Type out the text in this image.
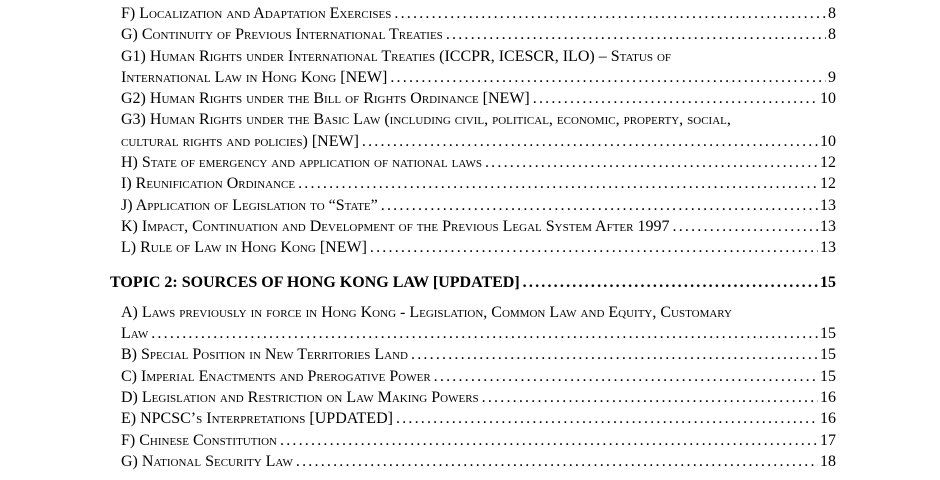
F) Localization and Adaptation Exercises .....	8

G) Continuity of Previous International Treaties .....	8

G1) Human Rights under International Treaties (ICCPR, ICESCR, ILO) – Status of

International Law in Hong Kong [NEW] .....	9

G2) Human Rights under the Bill of Rights Ordinance [NEW] .....	10

G3) Human Rights under the Basic Law (including civil, political, economic, property, social,

cultural rights and policies) [NEW] .....	10

H) State of emergency and application of national laws .....	12

I) Reunification Ordinance .....	12

J) Application of Legislation to “State” .....	13

K) Impact, Continuation and Development of the Previous Legal System After 1997 .....	13

L) Rule of Law in Hong Kong [NEW] .....	13

TOPIC 2: SOURCES OF HONG KONG LAW [UPDATED] .....	15

A) Laws previously in force in Hong Kong - Legislation, Common Law and Equity, Customary

Law .....	15

B) Special Position in New Territories Land .....	15

C) Imperial Enactments and Prerogative Power .....	15

D) Legislation and Restriction on Law Making Powers .....	16

E) NPCSC’s Interpretations [UPDATED] .....	16

F) Chinese Constitution .....	17

G) National Security Law .....	18
